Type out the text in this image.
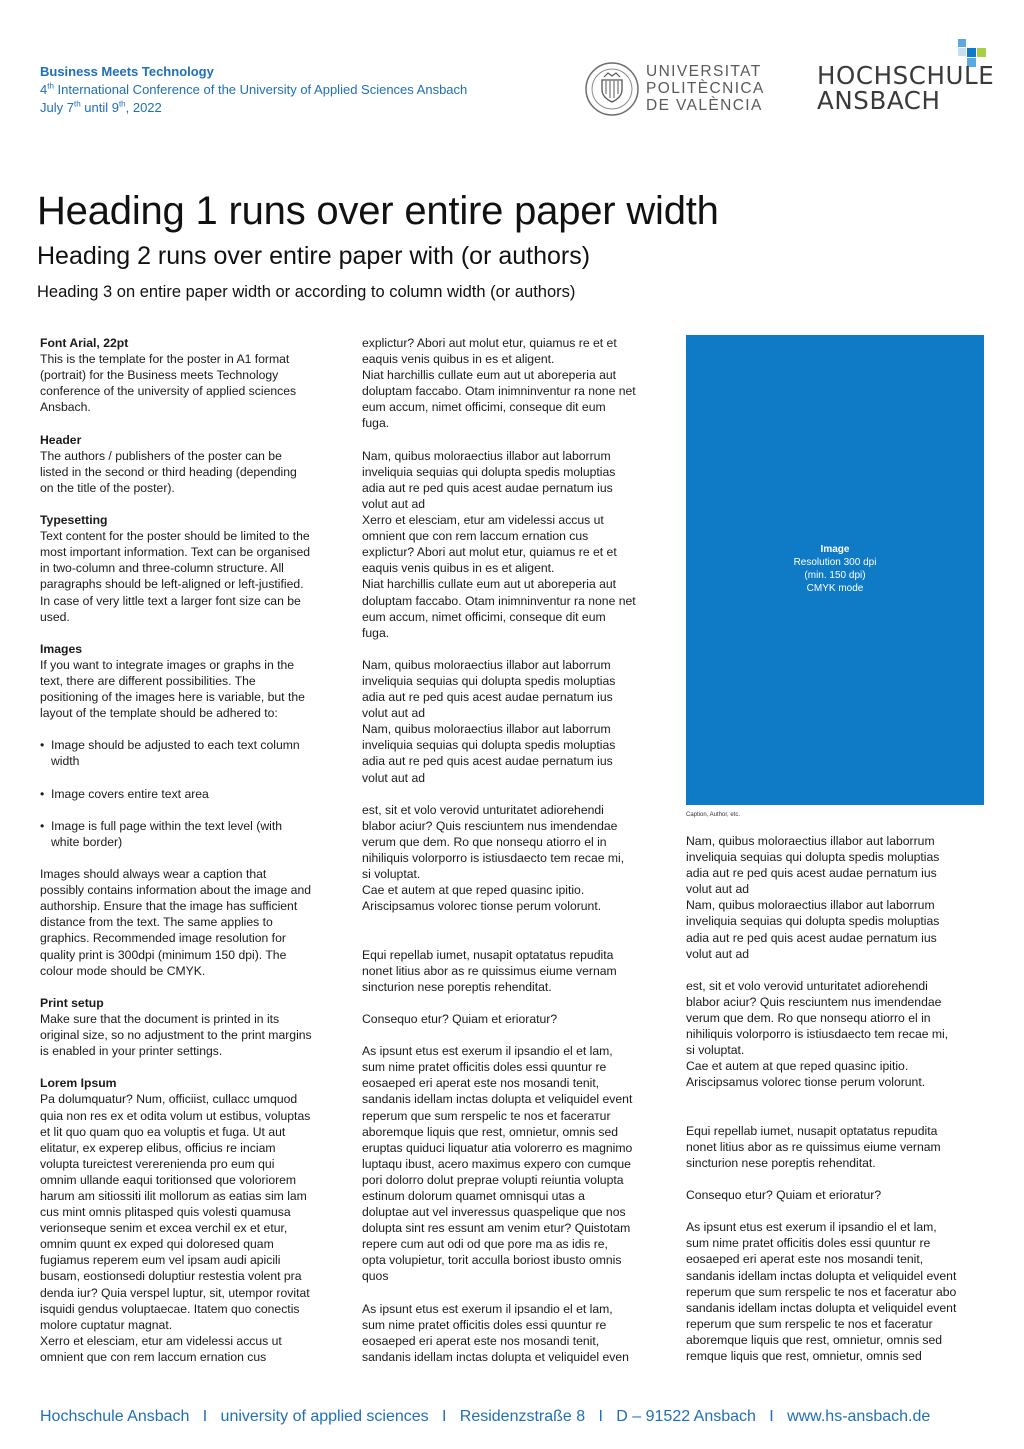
Business Meets Technology
4th International Conference of the University of Applied Sciences Ansbach
July 7th until 9th, 2022
UNIVERSITAT
POLITÈCNICA
DE VALÈNCIA
HOCHSCHULE
ANSBACH
Heading 1 runs over entire paper width
Heading 2 runs over entire paper with (or authors)
Heading 3 on entire paper width or according to column width (or authors)

Font Arial, 22pt

This is the template for the poster in A1 format

(portrait) for the Business meets Technology

conference of the university of applied sciences

Ansbach.

Header

The authors / publishers of the poster can be

listed in the second or third heading (depending

on the title of the poster).

Typesetting

Text content for the poster should be limited to the

most important information. Text can be organised

in two-column and three-column structure. All

paragraphs should be left-aligned or left-justified.

In case of very little text a larger font size can be

used.

Images

If you want to integrate images or graphs in the

text, there are different possibilities. The

positioning of the images here is variable, but the

layout of the template should be adhered to:

• Image should be adjusted to each text column

width

• Image covers entire text area

• Image is full page within the text level (with

white border)

Images should always wear a caption that

possibly contains information about the image and

authorship. Ensure that the image has sufficient

distance from the text. The same applies to

graphics. Recommended image resolution for

quality print is 300dpi (minimum 150 dpi). The

colour mode should be CMYK.

Print setup

Make sure that the document is printed in its

original size, so no adjustment to the print margins

is enabled in your printer settings.

Lorem Ipsum

Pa dolumquatur? Num, officiist, cullacc umquod

quia non res ex et odita volum ut estibus, voluptas

et lit quo quam quo ea voluptis et fuga. Ut aut

elitatur, ex experep elibus, officius re inciam

volupta tureictest vererenienda pro eum qui

omnim ullande eaqui toritionsed que voloriorem

harum am sitiossiti ilit mollorum as eatias sim lam

cus mint omnis plitasped quis volesti quamusa

verionseque senim et excea verchil ex et etur,

omnim quunt ex exped qui doloresed quam

fugiamus reperem eum vel ipsam audi apicili

busam, eostionsedi doluptiur restestia volent pra

denda iur? Quia verspel luptur, sit, utempor rovitat

isquidi gendus voluptaecae. Itatem quo conectis

molore cuptatur magnat.

Xerro et elesciam, etur am videlessi accus ut

omnient que con rem laccum ernation cus

explictur? Abori aut molut etur, quiamus re et et

eaquis venis quibus in es et aligent.

Niat harchillis cullate eum aut ut aboreperia aut

doluptam faccabo. Otam inimninventur ra none net

eum accum, nimet officimi, conseque dit eum

fuga.

Nam, quibus moloraectius illabor aut laborrum

inveliquia sequias qui dolupta spedis moluptias

adia aut re ped quis acest audae pernatum ius

volut aut ad

Xerro et elesciam, etur am videlessi accus ut

omnient que con rem laccum ernation cus

explictur? Abori aut molut etur, quiamus re et et

eaquis venis quibus in es et aligent.

Niat harchillis cullate eum aut ut aboreperia aut

doluptam faccabo. Otam inimninventur ra none net

eum accum, nimet officimi, conseque dit eum

fuga.

Nam, quibus moloraectius illabor aut laborrum

inveliquia sequias qui dolupta spedis moluptias

adia aut re ped quis acest audae pernatum ius

volut aut ad

Nam, quibus moloraectius illabor aut laborrum

inveliquia sequias qui dolupta spedis moluptias

adia aut re ped quis acest audae pernatum ius

volut aut ad

est, sit et volo verovid unturitatet adiorehendi

blabor aciur? Quis resciuntem nus imendendae

verum que dem. Ro que nonsequ atiorro el in

nihiliquis volorporro is istiusdaecto tem recae mi,

si voluptat.

Cae et autem at que reped quasinc ipitio.

Ariscipsamus volorec tionse perum volorunt.

Equi repellab iumet, nusapit optatatus repudita

nonet litius abor as re quissimus eiume vernam

sincturion nese poreptis rehenditat.

Consequo etur? Quiam et erioratur?

As ipsunt etus est exerum il ipsandio el et lam,

sum nime pratet officitis doles essi quuntur re

eosaeped eri aperat este nos mosandi tenit,

sandanis idellam inctas dolupta et veliquidel event

reperum que sum rerspelic te nos et facerатur

aboremque liquis que rest, omnietur, omnis sed

eruptas quiduci liquatur atia volorerro es magnimo

luptaqu ibust, acero maximus expero con cumque

pori dolorro dolut preprae volupti reiuntia volupta

estinum dolorum quamet omnisqui utas a

doluptae aut vel inveressus quaspelique que nos

dolupta sint res essunt am venim etur? Quistotam

repere cum aut odi od que pore ma as idis re,

opta volupietur, torit acculla boriost ibusto omnis

quos

As ipsunt etus est exerum il ipsandio el et lam,

sum nime pratet officitis doles essi quuntur re

eosaeped eri aperat este nos mosandi tenit,

sandanis idellam inctas dolupta et veliquidel even

Image
Resolution 300 dpi
(min. 150 dpi)
CMYK mode
Caption, Author, etc.

Nam, quibus moloraectius illabor aut laborrum

inveliquia sequias qui dolupta spedis moluptias

adia aut re ped quis acest audae pernatum ius

volut aut ad

Nam, quibus moloraectius illabor aut laborrum

inveliquia sequias qui dolupta spedis moluptias

adia aut re ped quis acest audae pernatum ius

volut aut ad

est, sit et volo verovid unturitatet adiorehendi

blabor aciur? Quis resciuntem nus imendendae

verum que dem. Ro que nonsequ atiorro el in

nihiliquis volorporro is istiusdaecto tem recae mi,

si voluptat.

Cae et autem at que reped quasinc ipitio.

Ariscipsamus volorec tionse perum volorunt.

Equi repellab iumet, nusapit optatatus repudita

nonet litius abor as re quissimus eiume vernam

sincturion nese poreptis rehenditat.

Consequo etur? Quiam et erioratur?

As ipsunt etus est exerum il ipsandio el et lam,

sum nime pratet officitis doles essi quuntur re

eosaeped eri aperat este nos mosandi tenit,

sandanis idellam inctas dolupta et veliquidel event

reperum que sum rerspelic te nos et faceratur abo

sandanis idellam inctas dolupta et veliquidel event

reperum que sum rerspelic te nos et faceratur

aboremque liquis que rest, omnietur, omnis sed

remque liquis que rest, omnietur, omnis sed

Hochschule Ansbach   I   university of applied sciences   I   Residenzstraße 8   I   D – 91522 Ansbach   I   www.hs-ansbach.de
